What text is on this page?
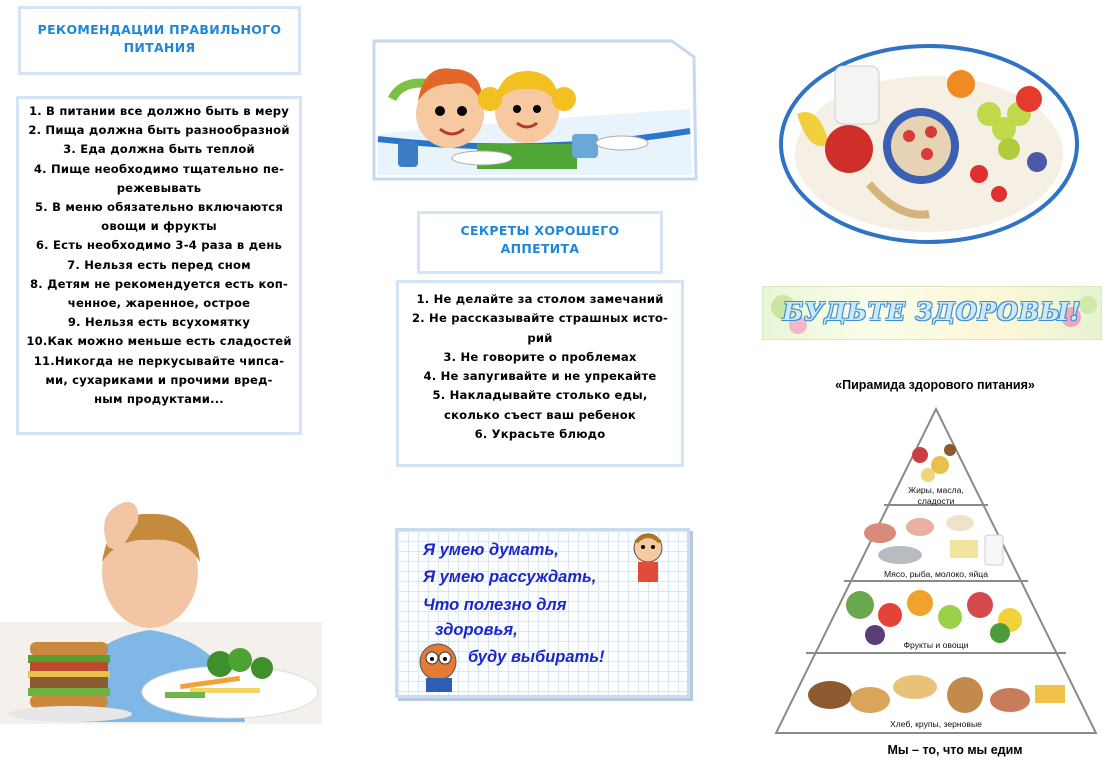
РЕКОМЕНДАЦИИ ПРАВИЛЬНОГО
ПИТАНИЯ
1. В питании все должно быть в меру
2. Пища должна быть разнообразной
3. Еда должна быть теплой
4. Пище необходимо тщательно пе-
режевывать
5. В меню обязательно включаются
овощи и фрукты
6. Есть необходимо 3-4 раза в день
7. Нельзя есть перед сном
8. Детям не рекомендуется есть коп-
ченное, жаренное, острое
9. Нельзя есть всухомятку
10.Как можно меньше есть сладостей
11.Никогда не перкусывайте чипса-
ми, сухариками и прочими вред-
ным продуктами...
СЕКРЕТЫ ХОРОШЕГО
АППЕТИТА
1. Не делайте за столом замечаний
2. Не рассказывайте страшных исто-
рий
3. Не говорите о проблемах
4. Не запугивайте и не упрекайте
5. Накладывайте столько еды,
сколько съест ваш ребенок
6. Украсьте блюдо
Я умею думать,
Я умею рассуждать,
Что полезно для
здоровья,
буду выбирать!
БУДЬТЕ ЗДОРОВЫ!
«Пирамида здорового питания»
Жиры, масла,
сладости
Мясо, рыба, молоко, яйца
Фрукты и овощи
Хлеб, крупы, зерновые
Мы – то, что мы едим
